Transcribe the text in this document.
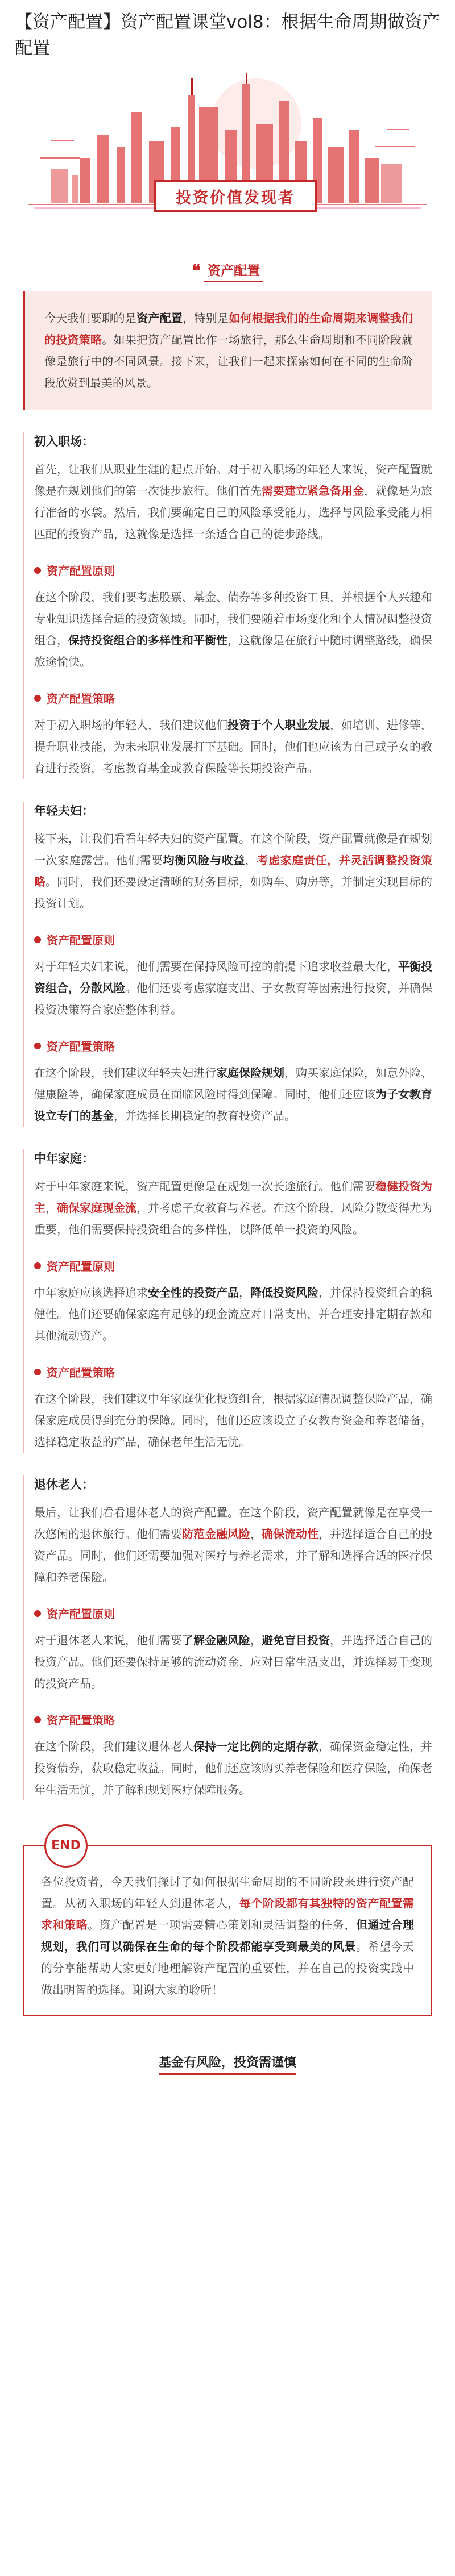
【资产配置】资产配置课堂vol8：根据生命周期做资产配置
投资价值发现者
❝ 资产配置
今天我们要聊的是资产配置，特别是如何根据我们的生命周期来调整我们的投资策略。如果把资产配置比作一场旅行，那么生命周期和不同阶段就像是旅行中的不同风景。接下来，让我们一起来探索如何在不同的生命阶段欣赏到最美的风景。
初入职场：
首先，让我们从职业生涯的起点开始。对于初入职场的年轻人来说，资产配置就像是在规划他们的第一次徒步旅行。他们首先需要建立紧急备用金，就像是为旅行准备的水袋。然后，我们要确定自己的风险承受能力，选择与风险承受能力相匹配的投资产品，这就像是选择一条适合自己的徒步路线。
资产配置原则
在这个阶段，我们要考虑股票、基金、债券等多种投资工具，并根据个人兴趣和专业知识选择合适的投资领域。同时，我们要随着市场变化和个人情况调整投资组合，保持投资组合的多样性和平衡性，这就像是在旅行中随时调整路线，确保旅途愉快。
资产配置策略
对于初入职场的年轻人，我们建议他们投资于个人职业发展，如培训、进修等，提升职业技能，为未来职业发展打下基础。同时，他们也应该为自己或子女的教育进行投资，考虑教育基金或教育保险等长期投资产品。
年轻夫妇：
接下来，让我们看看年轻夫妇的资产配置。在这个阶段，资产配置就像是在规划一次家庭露营。他们需要均衡风险与收益，考虑家庭责任，并灵活调整投资策略。同时，我们还要设定清晰的财务目标，如购车、购房等，并制定实现目标的投资计划。
资产配置原则
对于年轻夫妇来说，他们需要在保持风险可控的前提下追求收益最大化，平衡投资组合，分散风险。他们还要考虑家庭支出、子女教育等因素进行投资，并确保投资决策符合家庭整体利益。
资产配置策略
在这个阶段，我们建议年轻夫妇进行家庭保险规划，购买家庭保险，如意外险、健康险等，确保家庭成员在面临风险时得到保障。同时，他们还应该为子女教育设立专门的基金，并选择长期稳定的教育投资产品。
中年家庭：
对于中年家庭来说，资产配置更像是在规划一次长途旅行。他们需要稳健投资为主，确保家庭现金流，并考虑子女教育与养老。在这个阶段，风险分散变得尤为重要，他们需要保持投资组合的多样性，以降低单一投资的风险。
资产配置原则
中年家庭应该选择追求安全性的投资产品，降低投资风险，并保持投资组合的稳健性。他们还要确保家庭有足够的现金流应对日常支出，并合理安排定期存款和其他流动资产。
资产配置策略
在这个阶段，我们建议中年家庭优化投资组合，根据家庭情况调整保险产品，确保家庭成员得到充分的保障。同时，他们还应该设立子女教育资金和养老储备，选择稳定收益的产品，确保老年生活无忧。
退休老人：
最后，让我们看看退休老人的资产配置。在这个阶段，资产配置就像是在享受一次悠闲的退休旅行。他们需要防范金融风险，确保流动性，并选择适合自己的投资产品。同时，他们还需要加强对医疗与养老需求，并了解和选择合适的医疗保障和养老保险。
资产配置原则
对于退休老人来说，他们需要了解金融风险，避免盲目投资，并选择适合自己的投资产品。他们还要保持足够的流动资金，应对日常生活支出，并选择易于变现的投资产品。
资产配置策略
在这个阶段，我们建议退休老人保持一定比例的定期存款，确保资金稳定性，并投资债券，获取稳定收益。同时，他们还应该购买养老保险和医疗保险，确保老年生活无忧，并了解和规划医疗保障服务。
END
各位投资者，今天我们探讨了如何根据生命周期的不同阶段来进行资产配置。从初入职场的年轻人到退休老人，每个阶段都有其独特的资产配置需求和策略。资产配置是一项需要精心策划和灵活调整的任务，但通过合理规划，我们可以确保在生命的每个阶段都能享受到最美的风景。希望今天的分享能帮助大家更好地理解资产配置的重要性，并在自己的投资实践中做出明智的选择。谢谢大家的聆听！
基金有风险，投资需谨慎
